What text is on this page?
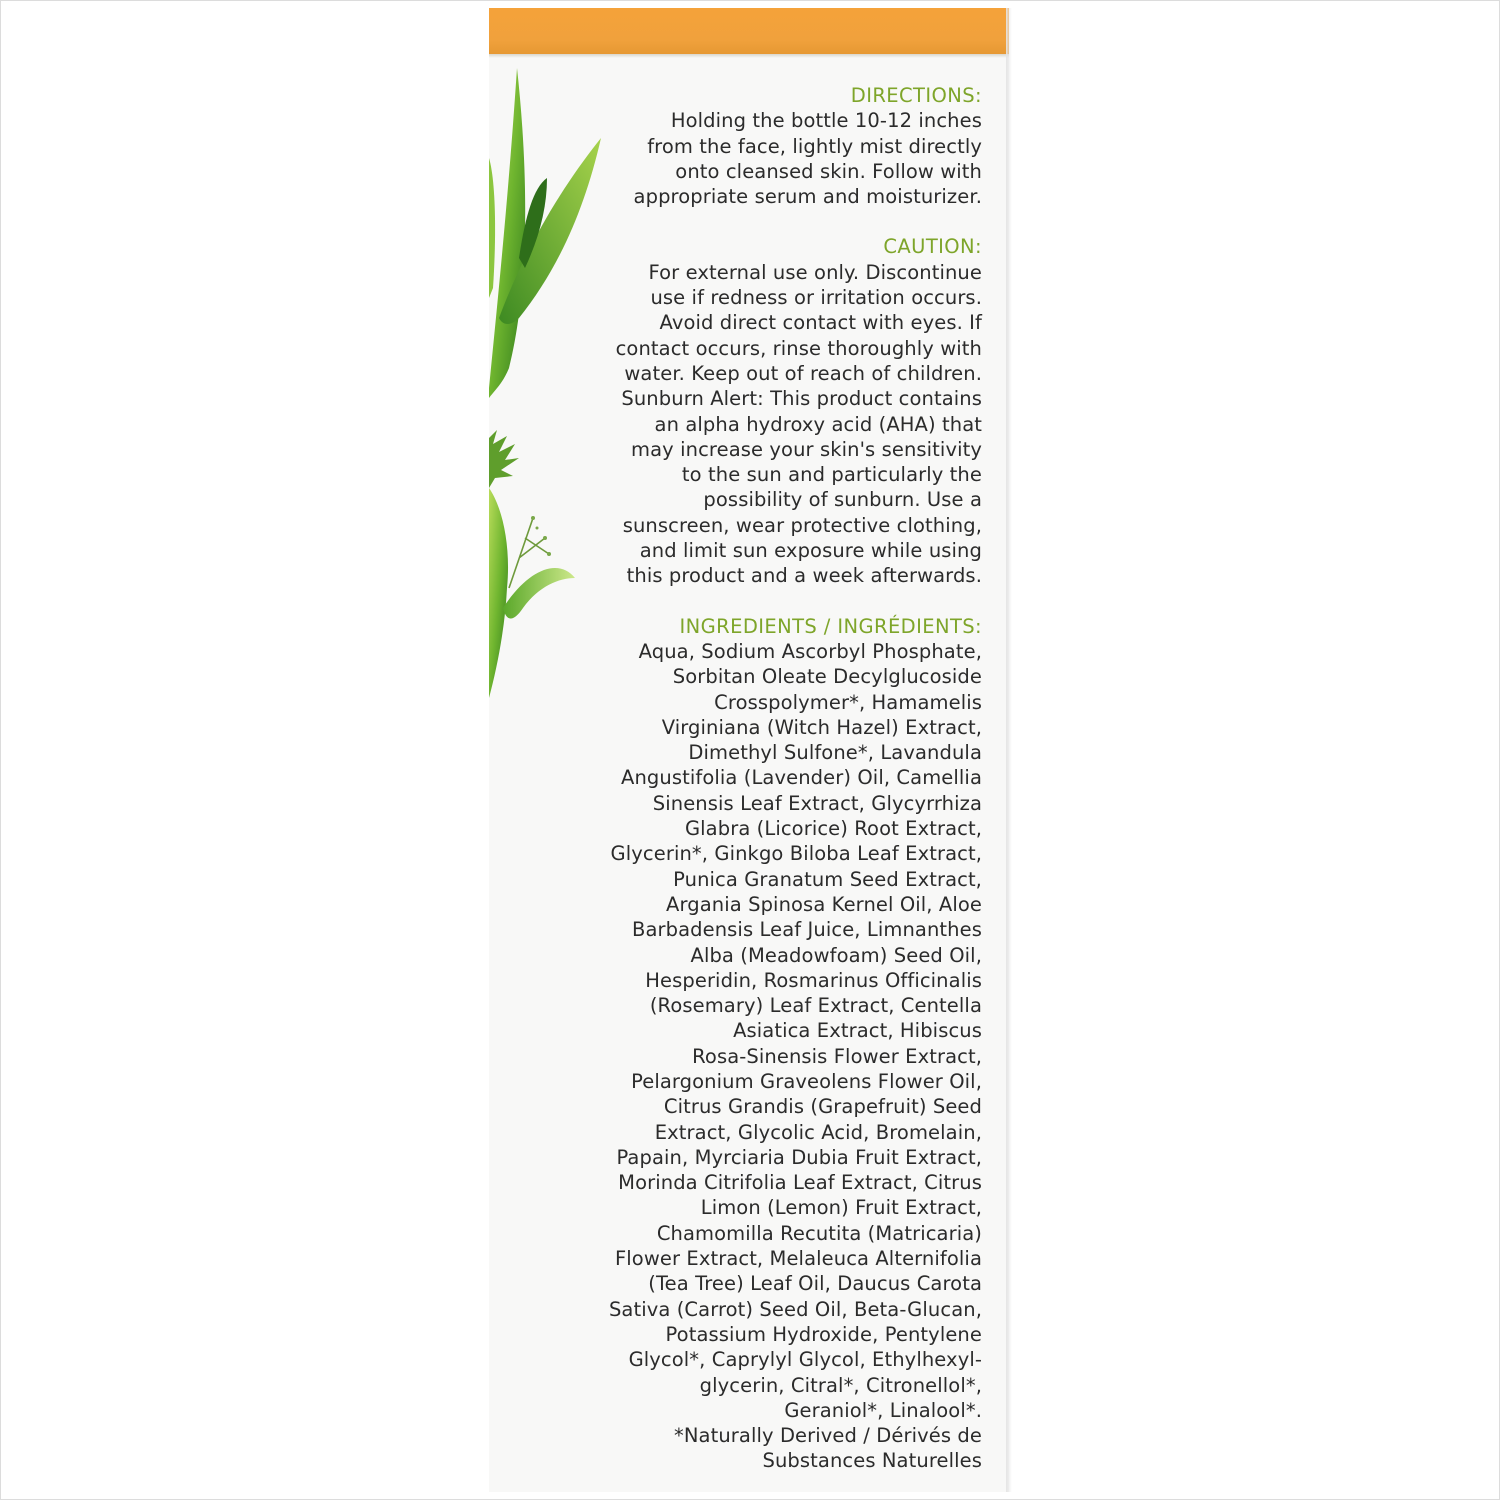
DIRECTIONS:
Holding the bottle 10-12 inches
from the face, lightly mist directly
onto cleansed skin. Follow with
appropriate serum and moisturizer.
CAUTION:
For external use only. Discontinue
use if redness or irritation occurs.
Avoid direct contact with eyes. If
contact occurs, rinse thoroughly with
water. Keep out of reach of children.
Sunburn Alert: This product contains
an alpha hydroxy acid (AHA) that
may increase your skin's sensitivity
to the sun and particularly the
possibility of sunburn. Use a
sunscreen, wear protective clothing,
and limit sun exposure while using
this product and a week afterwards.
INGREDIENTS / INGRÉDIENTS:
Aqua, Sodium Ascorbyl Phosphate,
Sorbitan Oleate Decylglucoside
Crosspolymer*, Hamamelis
Virginiana (Witch Hazel) Extract,
Dimethyl Sulfone*, Lavandula
Angustifolia (Lavender) Oil, Camellia
Sinensis Leaf Extract, Glycyrrhiza
Glabra (Licorice) Root Extract,
Glycerin*, Ginkgo Biloba Leaf Extract,
Punica Granatum Seed Extract,
Argania Spinosa Kernel Oil, Aloe
Barbadensis Leaf Juice, Limnanthes
Alba (Meadowfoam) Seed Oil,
Hesperidin, Rosmarinus Officinalis
(Rosemary) Leaf Extract, Centella
Asiatica Extract, Hibiscus
Rosa-Sinensis Flower Extract,
Pelargonium Graveolens Flower Oil,
Citrus Grandis (Grapefruit) Seed
Extract, Glycolic Acid, Bromelain,
Papain, Myrciaria Dubia Fruit Extract,
Morinda Citrifolia Leaf Extract, Citrus
Limon (Lemon) Fruit Extract,
Chamomilla Recutita (Matricaria)
Flower Extract, Melaleuca Alternifolia
(Tea Tree) Leaf Oil, Daucus Carota
Sativa (Carrot) Seed Oil, Beta-Glucan,
Potassium Hydroxide, Pentylene
Glycol*, Caprylyl Glycol, Ethylhexyl-
glycerin, Citral*, Citronellol*,
Geraniol*, Linalool*.
*Naturally Derived / Dérivés de
Substances Naturelles
